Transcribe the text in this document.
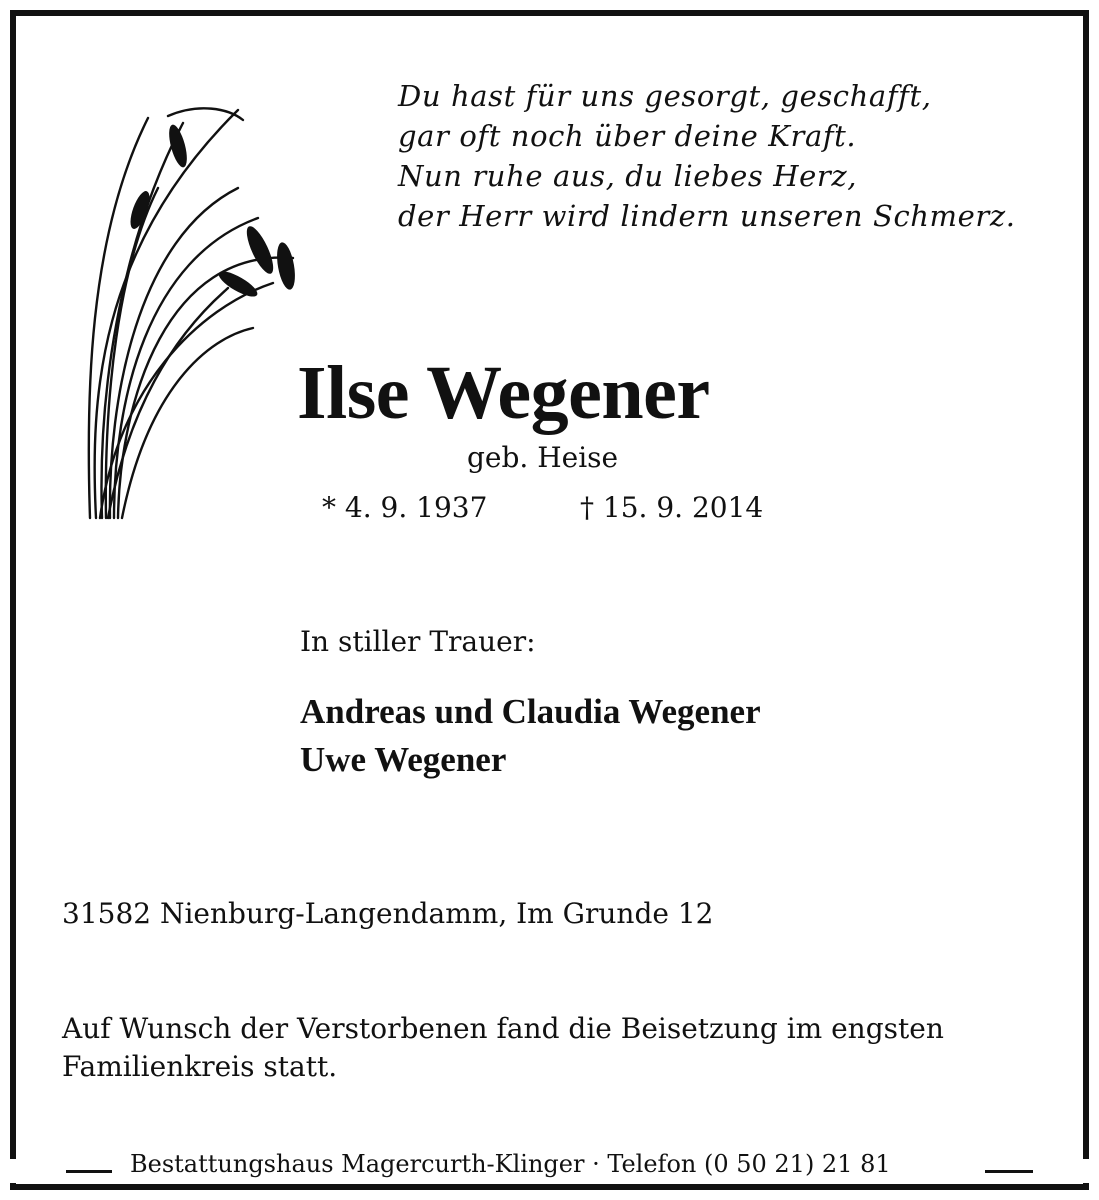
Du hast für uns gesorgt, geschafft,
gar oft noch über deine Kraft.
Nun ruhe aus, du liebes Herz,
der Herr wird lindern unseren Schmerz.
Ilse Wegener
geb. Heise
* 4. 9. 1937	† 15. 9. 2014
In stiller Trauer:
Andreas und Claudia Wegener
Uwe Wegener
31582 Nienburg-Langendamm, Im Grunde 12
Auf Wunsch der Verstorbenen fand die Beisetzung im engsten Familienkreis statt.
Bestattungshaus Magercurth-Klinger · Telefon (0 50 21) 21 81
